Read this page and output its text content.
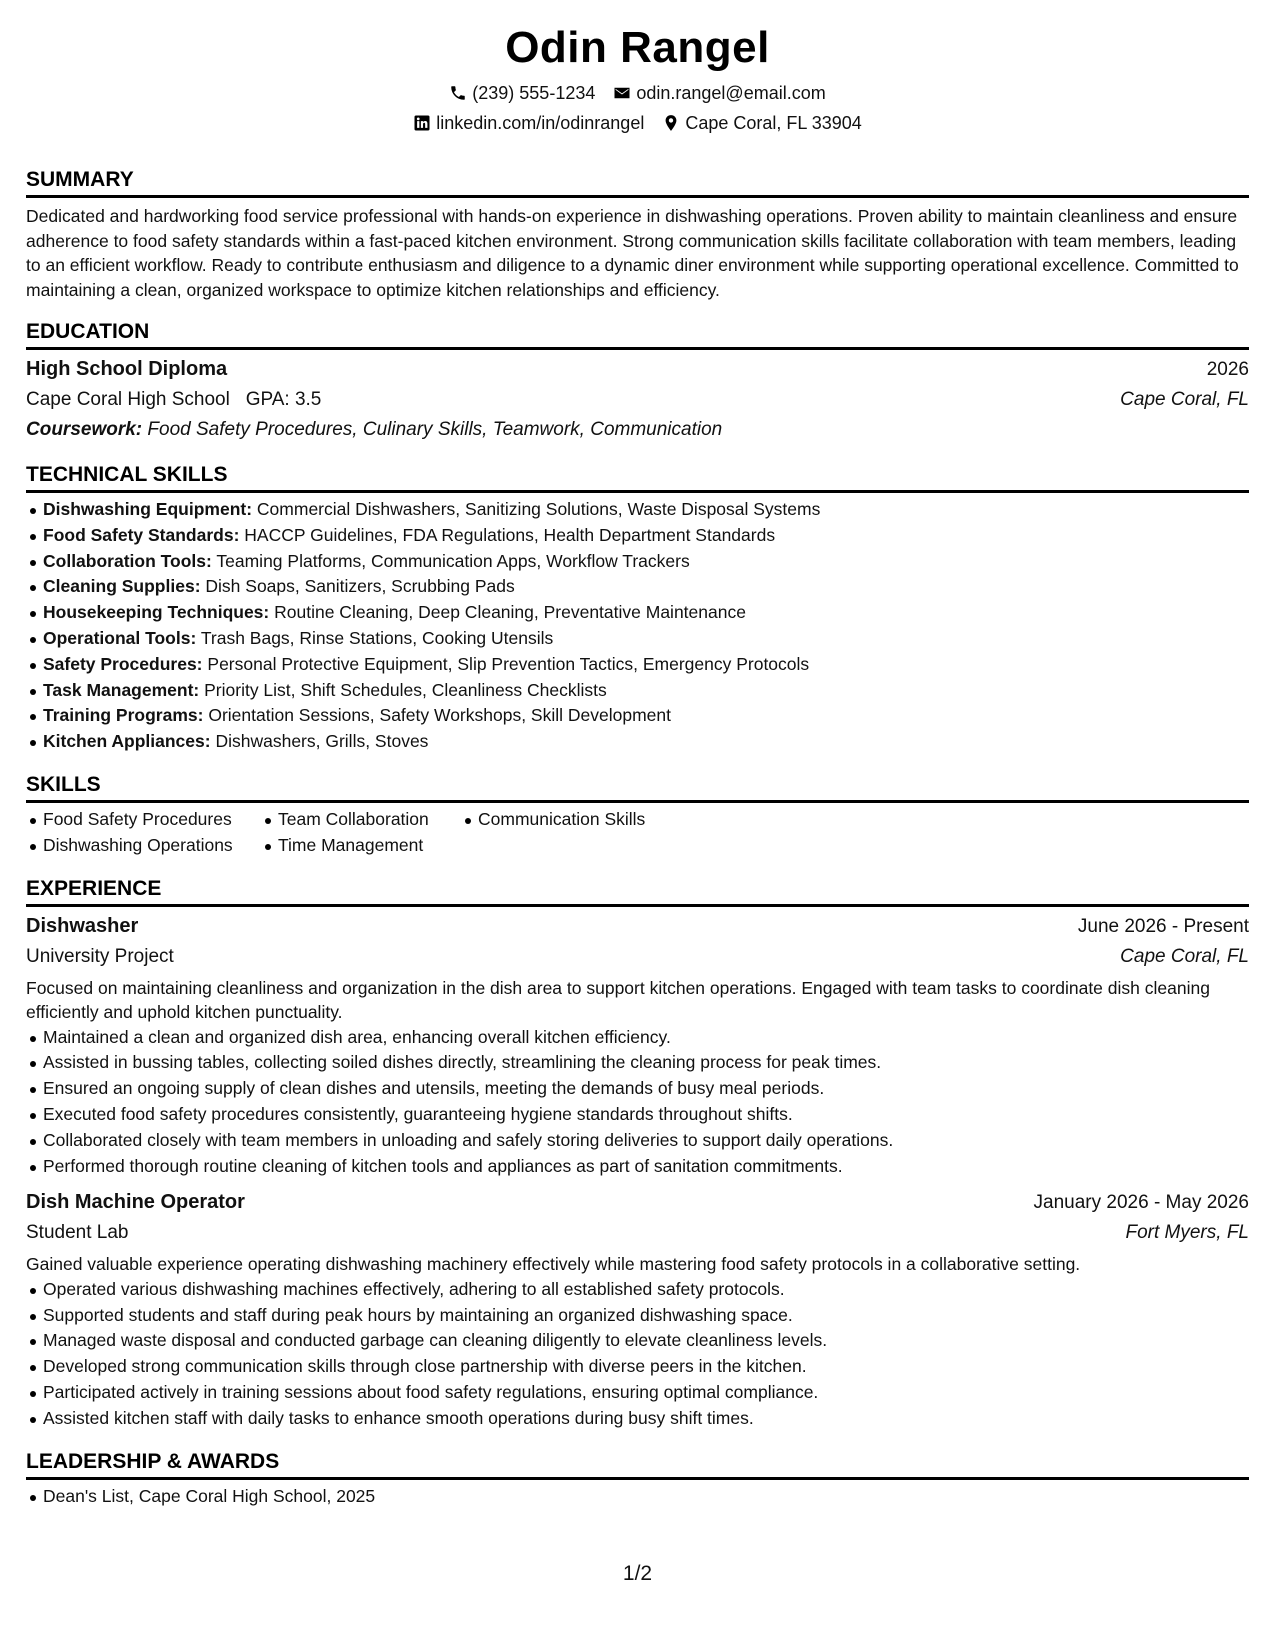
Odin Rangel
(239) 555-1234 odin.rangel@email.com
linkedin.com/in/odinrangel Cape Coral, FL 33904
SUMMARY

Dedicated and hardworking food service professional with hands-on experience in dishwashing operations. Proven ability to maintain cleanliness and ensure adherence to food safety standards within a fast-paced kitchen environment. Strong communication skills facilitate collaboration with team members, leading to an efficient workflow. Ready to contribute enthusiasm and diligence to a dynamic diner environment while supporting operational excellence. Committed to maintaining a clean, organized workspace to optimize kitchen relationships and efficiency.

EDUCATION
High School Diploma	2026
Cape Coral High School GPA: 3.5	Cape Coral, FL
Coursework: Food Safety Procedures, Culinary Skills, Teamwork, Communication
TECHNICAL SKILLS
Dishwashing Equipment: Commercial Dishwashers, Sanitizing Solutions, Waste Disposal Systems
Food Safety Standards: HACCP Guidelines, FDA Regulations, Health Department Standards
Collaboration Tools: Teaming Platforms, Communication Apps, Workflow Trackers
Cleaning Supplies: Dish Soaps, Sanitizers, Scrubbing Pads
Housekeeping Techniques: Routine Cleaning, Deep Cleaning, Preventative Maintenance
Operational Tools: Trash Bags, Rinse Stations, Cooking Utensils
Safety Procedures: Personal Protective Equipment, Slip Prevention Tactics, Emergency Protocols
Task Management: Priority List, Shift Schedules, Cleanliness Checklists
Training Programs: Orientation Sessions, Safety Workshops, Skill Development
Kitchen Appliances: Dishwashers, Grills, Stoves
SKILLS
Food Safety Procedures	Team Collaboration	Communication Skills
Dishwashing Operations	Time Management
EXPERIENCE
Dishwasher	June 2026 - Present
University Project	Cape Coral, FL

Focused on maintaining cleanliness and organization in the dish area to support kitchen operations. Engaged with team tasks to coordinate dish cleaning efficiently and uphold kitchen punctuality.

Maintained a clean and organized dish area, enhancing overall kitchen efficiency.
Assisted in bussing tables, collecting soiled dishes directly, streamlining the cleaning process for peak times.
Ensured an ongoing supply of clean dishes and utensils, meeting the demands of busy meal periods.
Executed food safety procedures consistently, guaranteeing hygiene standards throughout shifts.
Collaborated closely with team members in unloading and safely storing deliveries to support daily operations.
Performed thorough routine cleaning of kitchen tools and appliances as part of sanitation commitments.
Dish Machine Operator	January 2026 - May 2026
Student Lab	Fort Myers, FL

Gained valuable experience operating dishwashing machinery effectively while mastering food safety protocols in a collaborative setting.

Operated various dishwashing machines effectively, adhering to all established safety protocols.
Supported students and staff during peak hours by maintaining an organized dishwashing space.
Managed waste disposal and conducted garbage can cleaning diligently to elevate cleanliness levels.
Developed strong communication skills through close partnership with diverse peers in the kitchen.
Participated actively in training sessions about food safety regulations, ensuring optimal compliance.
Assisted kitchen staff with daily tasks to enhance smooth operations during busy shift times.
LEADERSHIP & AWARDS
Dean's List, Cape Coral High School, 2025
1/2
